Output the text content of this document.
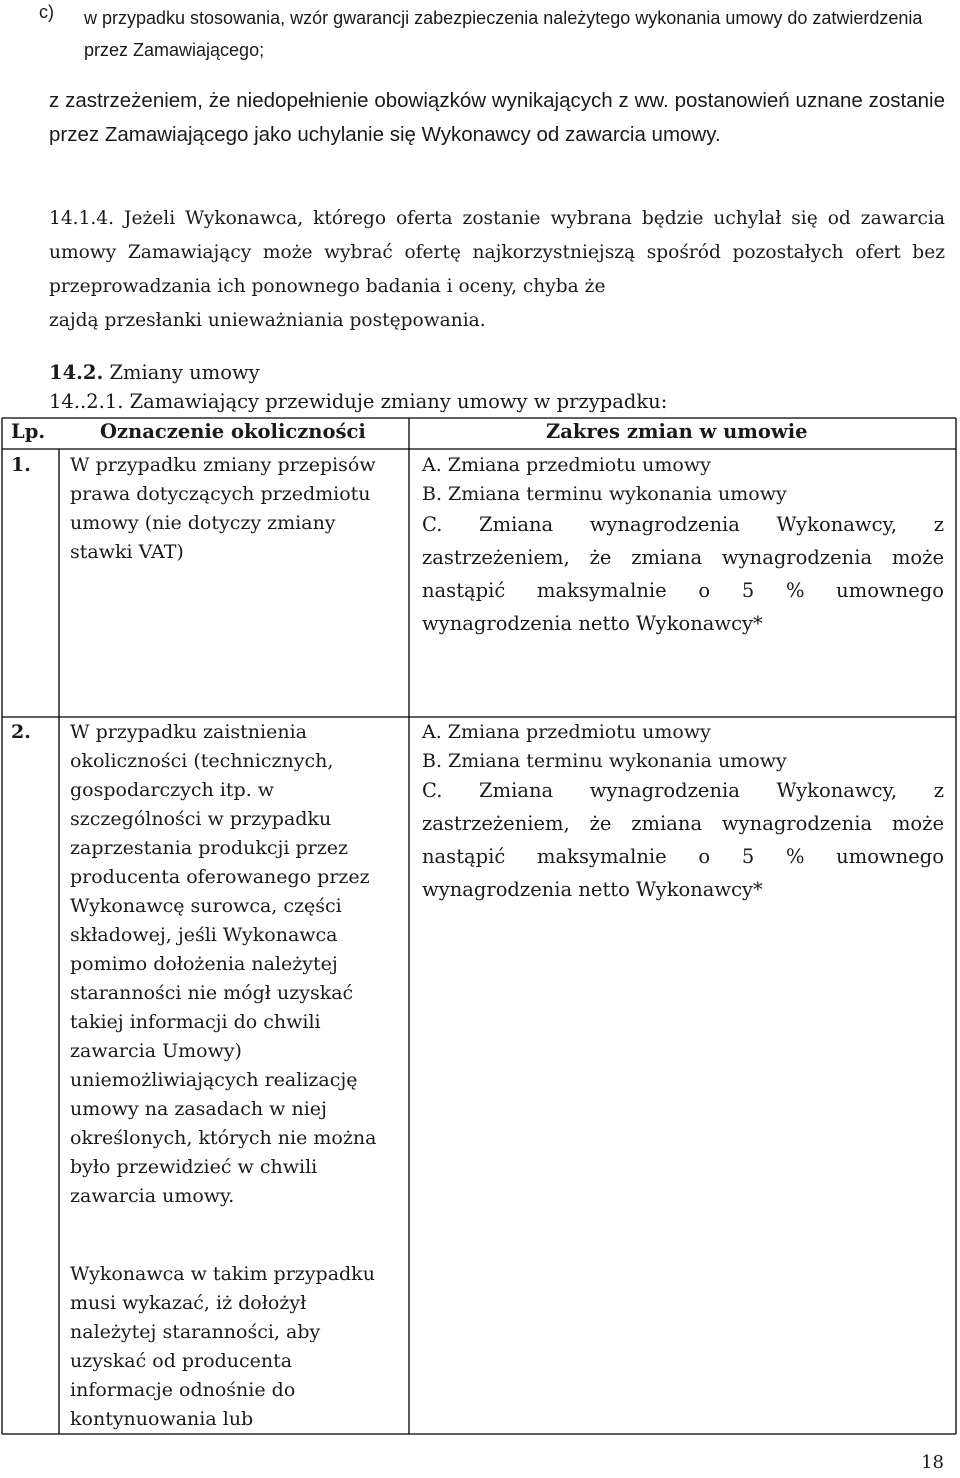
c) w przypadku stosowania, wzór gwarancji zabezpieczenia należytego wykonania umowy do zatwierdzenia przez Zamawiającego;
z zastrzeżeniem, że niedopełnienie obowiązków wynikających z ww. postanowień uznane zostanie przez Zamawiającego jako uchylanie się Wykonawcy od zawarcia umowy.
14.1.4. Jeżeli Wykonawca, którego oferta zostanie wybrana będzie uchylał się od zawarcia umowy Zamawiający może wybrać ofertę najkorzystniejszą spośród pozostałych ofert bez przeprowadzania ich ponownego badania i oceny, chyba że
zajdą przesłanki unieważniania postępowania.
14.2. Zmiany umowy
14..2.1. Zamawiający przewiduje zmiany umowy w przypadku:
Lp.	Oznaczenie okoliczności	Zakres zmian w umowie
1. W przypadku zmiany przepisów prawa dotyczących przedmiotu umowy (nie dotyczy zmiany stawki VAT)
A. Zmiana przedmiotu umowy
B. Zmiana terminu wykonania umowy
C. Zmiana wynagrodzenia Wykonawcy, z zastrzeżeniem, że zmiana wynagrodzenia może nastąpić maksymalnie o 5 % umownego wynagrodzenia netto Wykonawcy*
2. W przypadku zaistnienia okoliczności (technicznych, gospodarczych itp. w szczególności w przypadku zaprzestania produkcji przez producenta oferowanego przez Wykonawcę surowca, części składowej, jeśli Wykonawca pomimo dołożenia należytej staranności nie mógł uzyskać takiej informacji do chwili zawarcia Umowy) uniemożliwiających realizację umowy na zasadach w niej określonych, których nie można było przewidzieć w chwili zawarcia umowy.
Wykonawca w takim przypadku musi wykazać, iż dołożył należytej staranności, aby uzyskać od producenta informacje odnośnie do kontynuowania lub
A. Zmiana przedmiotu umowy
B. Zmiana terminu wykonania umowy
C. Zmiana wynagrodzenia Wykonawcy, z zastrzeżeniem, że zmiana wynagrodzenia może nastąpić maksymalnie o 5 % umownego wynagrodzenia netto Wykonawcy*
18
